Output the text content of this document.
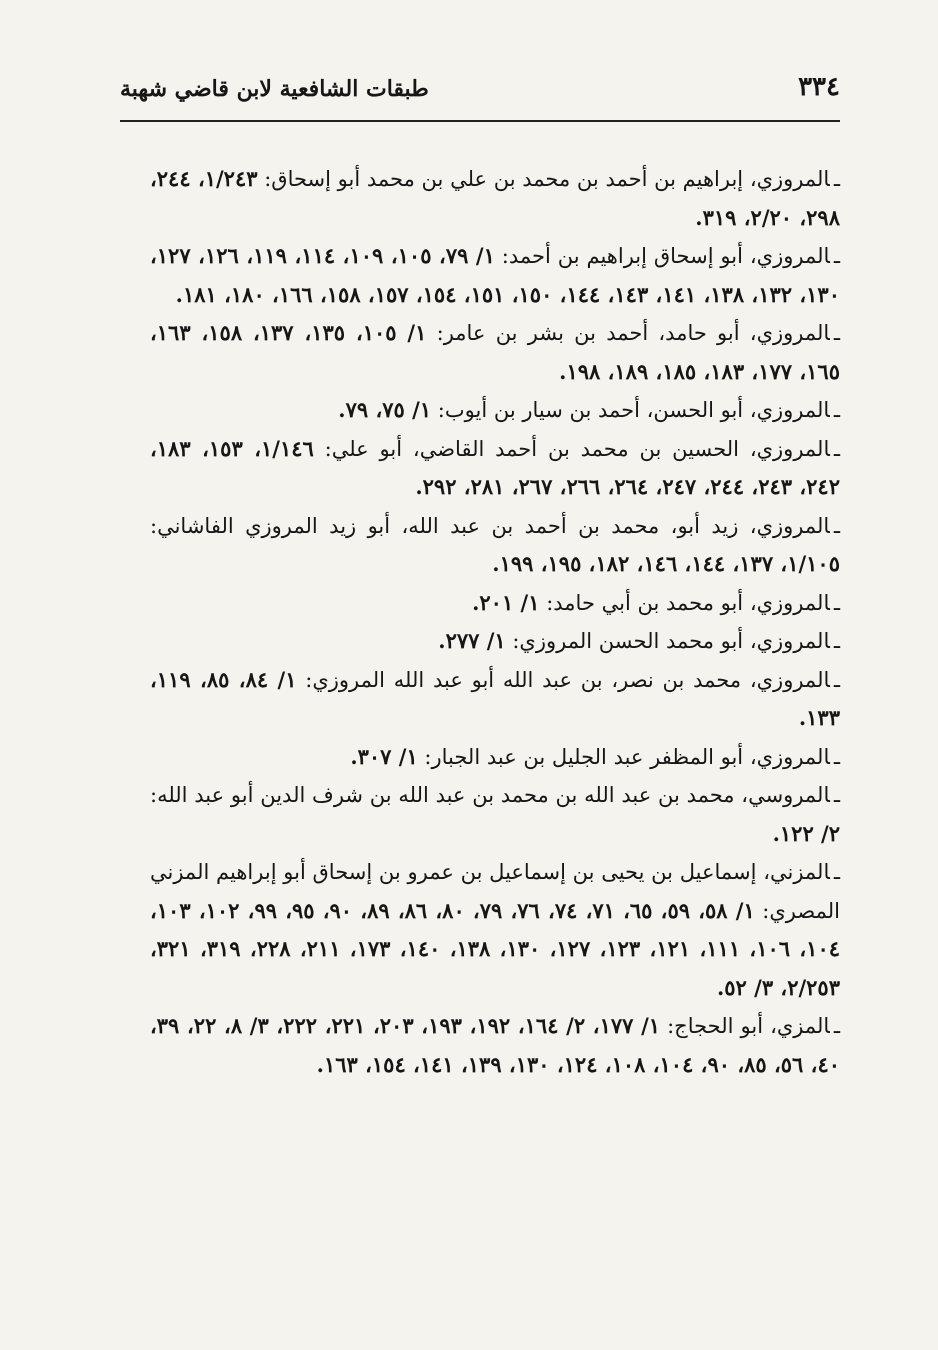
٣٣٤
طبقات الشافعية لابن قاضي شهبة

ـالمروزي، إبراهيم بن أحمد بن محمد بن علي بن محمد أبو إسحاق: ١/٢٤٣، ٢٤٤، ٢٩٨، ٢/٢٠، ٣١٩.

ـالمروزي، أبو إسحاق إبراهيم بن أحمد: ١/ ٧٩، ١٠٥، ١٠٩، ١١٤، ١١٩، ١٢٦، ١٢٧، ١٣٠، ١٣٢، ١٣٨، ١٤١، ١٤٣، ١٤٤، ١٥٠، ١٥١، ١٥٤، ١٥٧، ١٥٨، ١٦٦، ١٨٠، ١٨١.

ـالمروزي، أبو حامد، أحمد بن بشر بن عامر: ١/ ١٠٥، ١٣٥، ١٣٧، ١٥٨، ١٦٣، ١٦٥، ١٧٧، ١٨٣، ١٨٥، ١٨٩، ١٩٨.

ـالمروزي، أبو الحسن، أحمد بن سيار بن أيوب: ١/ ٧٥، ٧٩.

ـالمروزي، الحسين بن محمد بن أحمد القاضي، أبو علي: ١/١٤٦، ١٥٣، ١٨٣، ٢٤٢، ٢٤٣، ٢٤٤، ٢٤٧، ٢٦٤، ٢٦٦، ٢٦٧، ٢٨١، ٢٩٢.

ـالمروزي، زيد أبو، محمد بن أحمد بن عبد الله، أبو زيد المروزي الفاشاني: ١/١٠٥، ١٣٧، ١٤٤، ١٤٦، ١٨٢، ١٩٥، ١٩٩.

ـالمروزي، أبو محمد بن أبي حامد: ١/ ٢٠١.

ـالمروزي، أبو محمد الحسن المروزي: ١/ ٢٧٧.

ـالمروزي، محمد بن نصر، بن عبد الله أبو عبد الله المروزي: ١/ ٨٤، ٨٥، ١١٩، ١٣٣.

ـالمروزي، أبو المظفر عبد الجليل بن عبد الجبار: ١/ ٣٠٧.

ـالمروسي، محمد بن عبد الله بن محمد بن عبد الله بن شرف الدين أبو عبد الله: ٢/ ١٢٢.

ـالمزني، إسماعيل بن يحيى بن إسماعيل بن عمرو بن إسحاق أبو إبراهيم المزني المصري: ١/ ٥٨، ٥٩، ٦٥، ٧١، ٧٤، ٧٦، ٧٩، ٨٠، ٨٦، ٨٩، ٩٠، ٩٥، ٩٩، ١٠٢، ١٠٣، ١٠٤، ١٠٦، ١١١، ١٢١، ١٢٣، ١٢٧، ١٣٠، ١٣٨، ١٤٠، ١٧٣، ٢١١، ٢٢٨، ٣١٩، ٣٢١، ٢/٢٥٣، ٣/ ٥٢.

ـالمزي، أبو الحجاج: ١/ ١٧٧، ٢/ ١٦٤، ١٩٢، ١٩٣، ٢٠٣، ٢٢١، ٢٢٢، ٣/ ٨، ٢٢، ٣٩، ٤٠، ٥٦، ٨٥، ٩٠، ١٠٤، ١٠٨، ١٢٤، ١٣٠، ١٣٩، ١٤١، ١٥٤، ١٦٣.
